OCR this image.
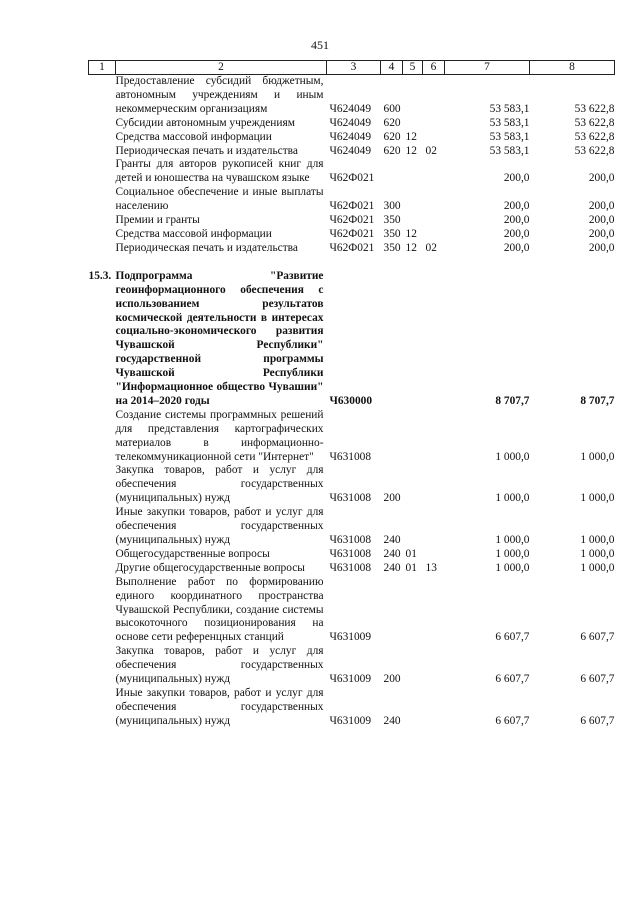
451
1	2	3	4	5	6	7	8
	Предоставление субсидий бюджетным, автономным учреждениям и иным некоммерческим организациям	Ч624049	600			53 583,1	53 622,8
	Субсидии автономным учреждениям	Ч624049	620			53 583,1	53 622,8
	Средства массовой информации	Ч624049	620	12		53 583,1	53 622,8
	Периодическая печать и издательства	Ч624049	620	12	02	53 583,1	53 622,8
	Гранты для авторов рукописей книг для детей и юношества на чувашском языке	Ч62Ф021				200,0	200,0
	Социальное обеспечение и иные выплаты населению	Ч62Ф021	300			200,0	200,0
	Премии и гранты	Ч62Ф021	350			200,0	200,0
	Средства массовой информации	Ч62Ф021	350	12		200,0	200,0
	Периодическая печать и издательства	Ч62Ф021	350	12	02	200,0	200,0

15.3.	Подпрограмма "Развитие геоинформационного обеспечения с использованием результатов космической деятельности в интересах социально-экономического развития Чувашской Республики" государственной программы Чувашской Республики "Информационное общество Чувашии" на 2014–2020 годы	Ч630000				8 707,7	8 707,7
	Создание системы программных решений для представления картографических материалов в информационно-телекоммуникационной сети "Интернет"	Ч631008				1 000,0	1 000,0
	Закупка товаров, работ и услуг для обеспечения государственных (муниципальных) нужд	Ч631008	200			1 000,0	1 000,0
	Иные закупки товаров, работ и услуг для обеспечения государственных (муниципальных) нужд	Ч631008	240			1 000,0	1 000,0
	Общегосударственные вопросы	Ч631008	240	01		1 000,0	1 000,0
	Другие общегосударственные вопросы	Ч631008	240	01	13	1 000,0	1 000,0
	Выполнение работ по формированию единого координатного пространства Чувашской Республики, создание системы высокоточного позиционирования на основе сети референцных станций	Ч631009				6 607,7	6 607,7
	Закупка товаров, работ и услуг для обеспечения государственных (муниципальных) нужд	Ч631009	200			6 607,7	6 607,7
	Иные закупки товаров, работ и услуг для обеспечения государственных (муниципальных) нужд	Ч631009	240			6 607,7	6 607,7
